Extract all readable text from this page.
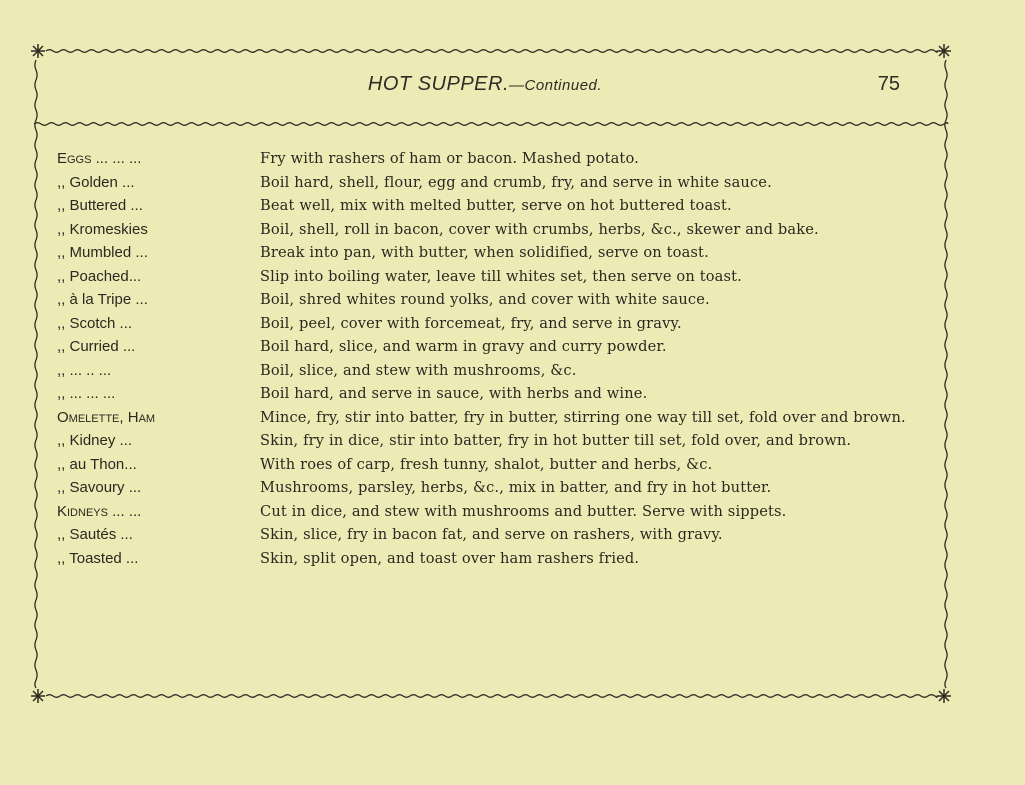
HOT SUPPER.—Continued.	75
Eggs ... ... ...	Fry with rashers of ham or bacon. Mashed potato.
,, Golden ...	Boil hard, shell, flour, egg and crumb, fry, and serve in white sauce.
,, Buttered ...	Beat well, mix with melted butter, serve on hot buttered toast.
,, Kromeskies	Boil, shell, roll in bacon, cover with crumbs, herbs, &c., skewer and bake.
,, Mumbled ...	Break into pan, with butter, when solidified, serve on toast.
,, Poached...	Slip into boiling water, leave till whites set, then serve on toast.
,, à la Tripe ...	Boil, shred whites round yolks, and cover with white sauce.
,, Scotch ...	Boil, peel, cover with forcemeat, fry, and serve in gravy.
,, Curried ...	Boil hard, slice, and warm in gravy and curry powder.
,, ... .. ...	Boil, slice, and stew with mushrooms, &c.
,, ... ... ...	Boil hard, and serve in sauce, with herbs and wine.
Omelette, Ham	Mince, fry, stir into batter, fry in butter, stirring one way till set, fold over and brown.
,, Kidney ...	Skin, fry in dice, stir into batter, fry in hot butter till set, fold over, and brown.
,, au Thon...	With roes of carp, fresh tunny, shalot, butter and herbs, &c.
,, Savoury ...	Mushrooms, parsley, herbs, &c., mix in batter, and fry in hot butter.
Kidneys ... ...	Cut in dice, and stew with mushrooms and butter. Serve with sippets.
,, Sautés ...	Skin, slice, fry in bacon fat, and serve on rashers, with gravy.
,, Toasted ...	Skin, split open, and toast over ham rashers fried.
